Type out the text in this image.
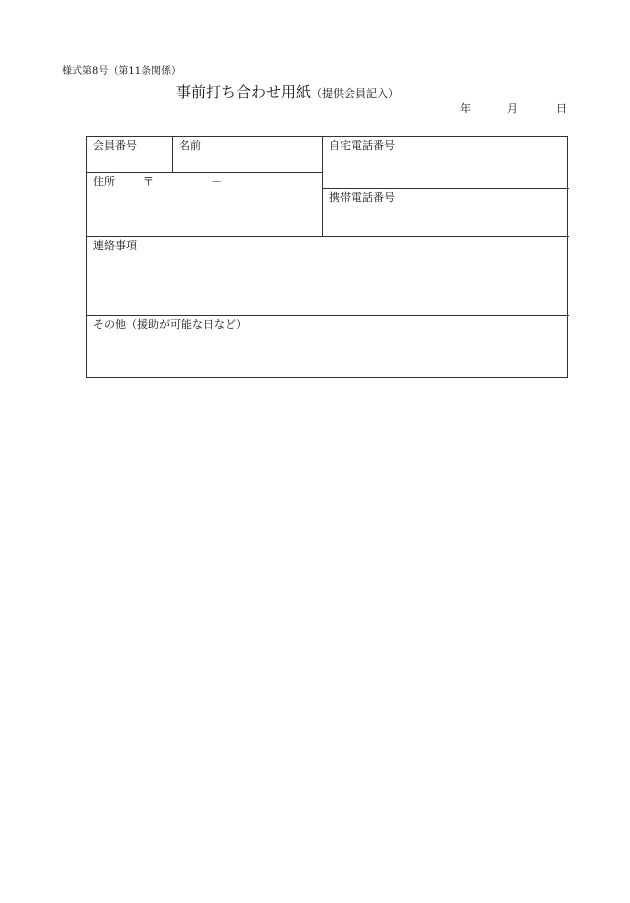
様式第8号（第11条関係）
事前打ち合わせ用紙（提供会員記入）
年	月	日
会員番号	名前	自宅電話番号
住所	〒	－
携帯電話番号
連絡事項
その他（援助が可能な日など）
